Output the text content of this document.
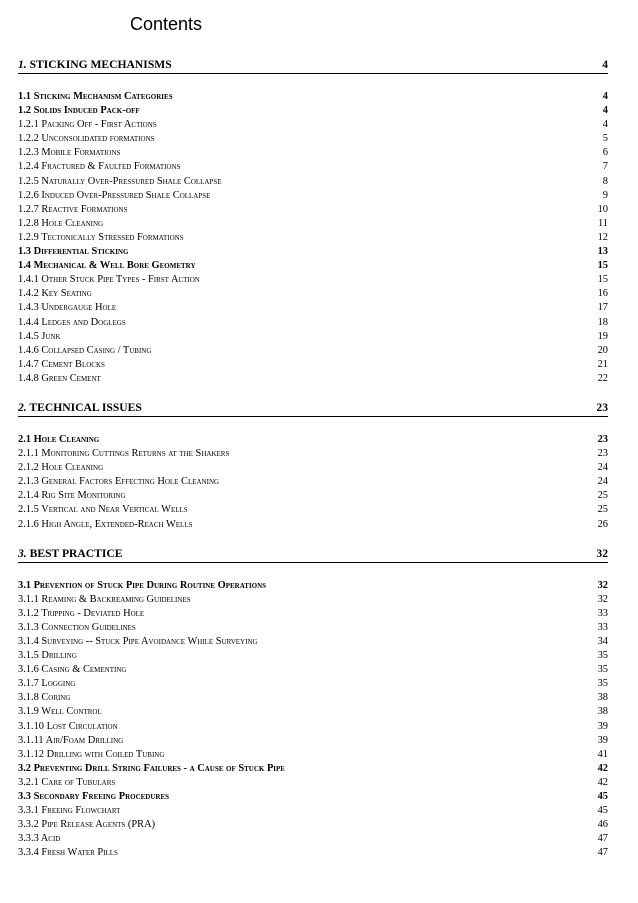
Contents
1. STICKING MECHANISMS	4
1.1 Sticking Mechanism Categories	4
1.2 Solids Induced Pack-off	4
1.2.1 Packing Off - First Actions	4
1.2.2 Unconsolidated formations	5
1.2.3 Mobile Formations	6
1.2.4 Fractured & Faulted Formations	7
1.2.5 Naturally Over-Pressured Shale Collapse	8
1.2.6 Induced Over-Pressured Shale Collapse	9
1.2.7 Reactive Formations	10
1.2.8 Hole Cleaning	11
1.2.9 Tectonically Stressed Formations	12
1.3 Differential Sticking	13
1.4 Mechanical & Well Bore Geometry	15
1.4.1 Other Stuck Pipe Types - First Action	15
1.4.2 Key Seating	16
1.4.3 Undergauge Hole	17
1.4.4 Ledges and Doglegs	18
1.4.5 Junk	19
1.4.6 Collapsed Casing / Tubing	20
1.4.7 Cement Blocks	21
1.4.8 Green Cement	22
2. TECHNICAL ISSUES	23
2.1 Hole Cleaning	23
2.1.1 Monitoring Cuttings Returns at the Shakers	23
2.1.2 Hole Cleaning	24
2.1.3 General Factors Effecting Hole Cleaning	24
2.1.4 Rig Site Monitoring	25
2.1.5 Vertical and Near Vertical Wells	25
2.1.6 High Angle, Extended-Reach Wells	26
3. BEST PRACTICE	32
3.1 Prevention of Stuck Pipe During Routine Operations	32
3.1.1 Reaming & Backreaming Guidelines	32
3.1.2 Tripping - Deviated Hole	33
3.1.3 Connection Guidelines	33
3.1.4 Surveying -- Stuck Pipe Avoidance While Surveying	34
3.1.5 Drilling	35
3.1.6 Casing & Cementing	35
3.1.7 Logging	35
3.1.8 Coring	38
3.1.9 Well Control	38
3.1.10 Lost Circulation	39
3.1.11 Air/Foam Drilling	39
3.1.12 Drilling with Coiled Tubing	41
3.2 Preventing Drill String Failures - a Cause of Stuck Pipe	42
3.2.1 Care of Tubulars	42
3.3 Secondary Freeing Procedures	45
3.3.1 Freeing Flowchart	45
3.3.2 Pipe Release Agents (PRA)	46
3.3.3 Acid	47
3.3.4 Fresh Water Pills	47
